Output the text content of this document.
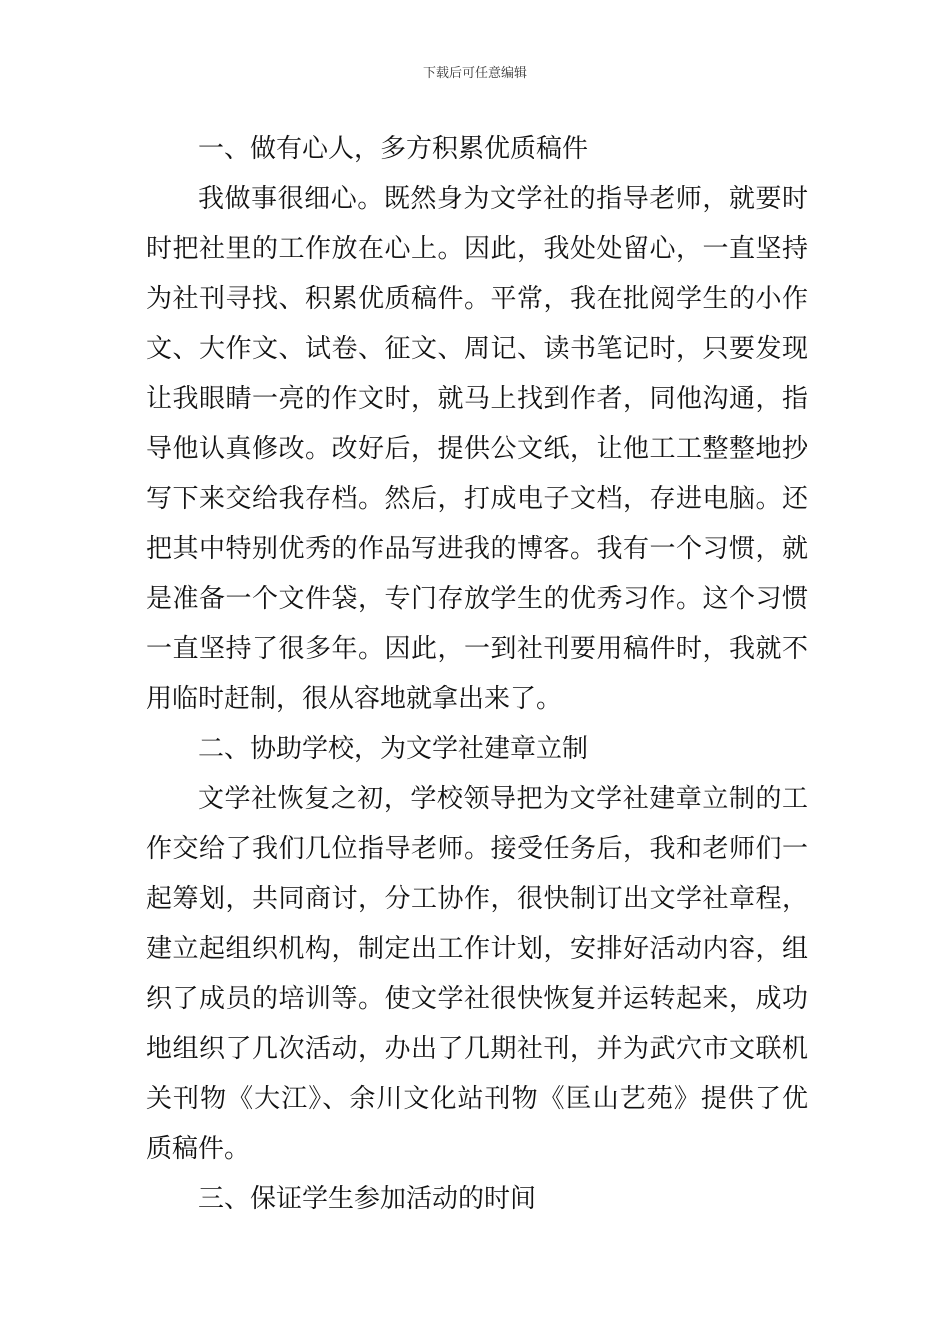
下载后可任意编辑

一、做有心人，多方积累优质稿件

我做事很细心。既然身为文学社的指导老师，就要时时把社里的工作放在心上。因此，我处处留心，一直坚持为社刊寻找、积累优质稿件。平常，我在批阅学生的小作文、大作文、试卷、征文、周记、读书笔记时，只要发现让我眼睛一亮的作文时，就马上找到作者，同他沟通，指导他认真修改。改好后，提供公文纸，让他工工整整地抄写下来交给我存档。然后，打成电子文档，存进电脑。还把其中特别优秀的作品写进我的博客。我有一个习惯，就是准备一个文件袋，专门存放学生的优秀习作。这个习惯一直坚持了很多年。因此，一到社刊要用稿件时，我就不用临时赶制，很从容地就拿出来了。

二、协助学校，为文学社建章立制

文学社恢复之初，学校领导把为文学社建章立制的工作交给了我们几位指导老师。接受任务后，我和老师们一起筹划，共同商讨，分工协作，很快制订出文学社章程，建立起组织机构，制定出工作计划，安排好活动内容，组织了成员的培训等。使文学社很快恢复并运转起来，成功地组织了几次活动，办出了几期社刊，并为武穴市文联机关刊物《大江》、余川文化站刊物《匡山艺苑》提供了优质稿件。

三、保证学生参加活动的时间
